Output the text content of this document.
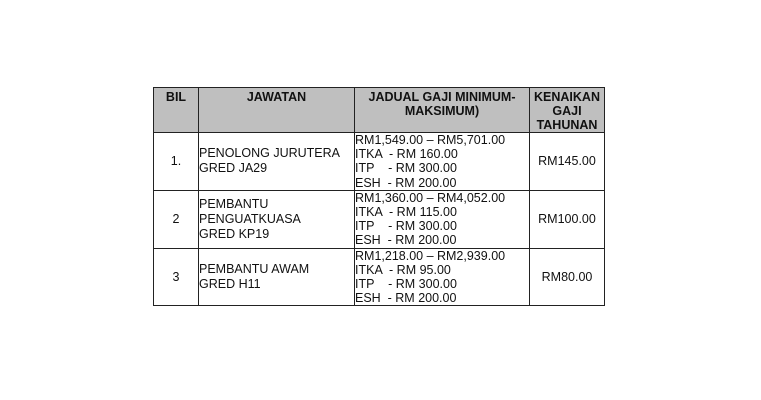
BIL	JAWATAN	JADUAL GAJI MINIMUM-
MAKSIMUM)	KENAIKAN
GAJI
TAHUNAN

1.	PENOLONG JURUTERA
GRED JA29	RM1,549.00 – RM5,701.00
ITKA  - RM 160.00
ITP    - RM 300.00
ESH  - RM 200.00	RM145.00
2	PEMBANTU
PENGUATKUASA
GRED KP19	RM1,360.00 – RM4,052.00
ITKA  - RM 115.00
ITP    - RM 300.00
ESH  - RM 200.00	RM100.00
3	PEMBANTU AWAM
GRED H11	RM1,218.00 – RM2,939.00
ITKA  - RM 95.00
ITP    - RM 300.00
ESH  - RM 200.00	RM80.00
